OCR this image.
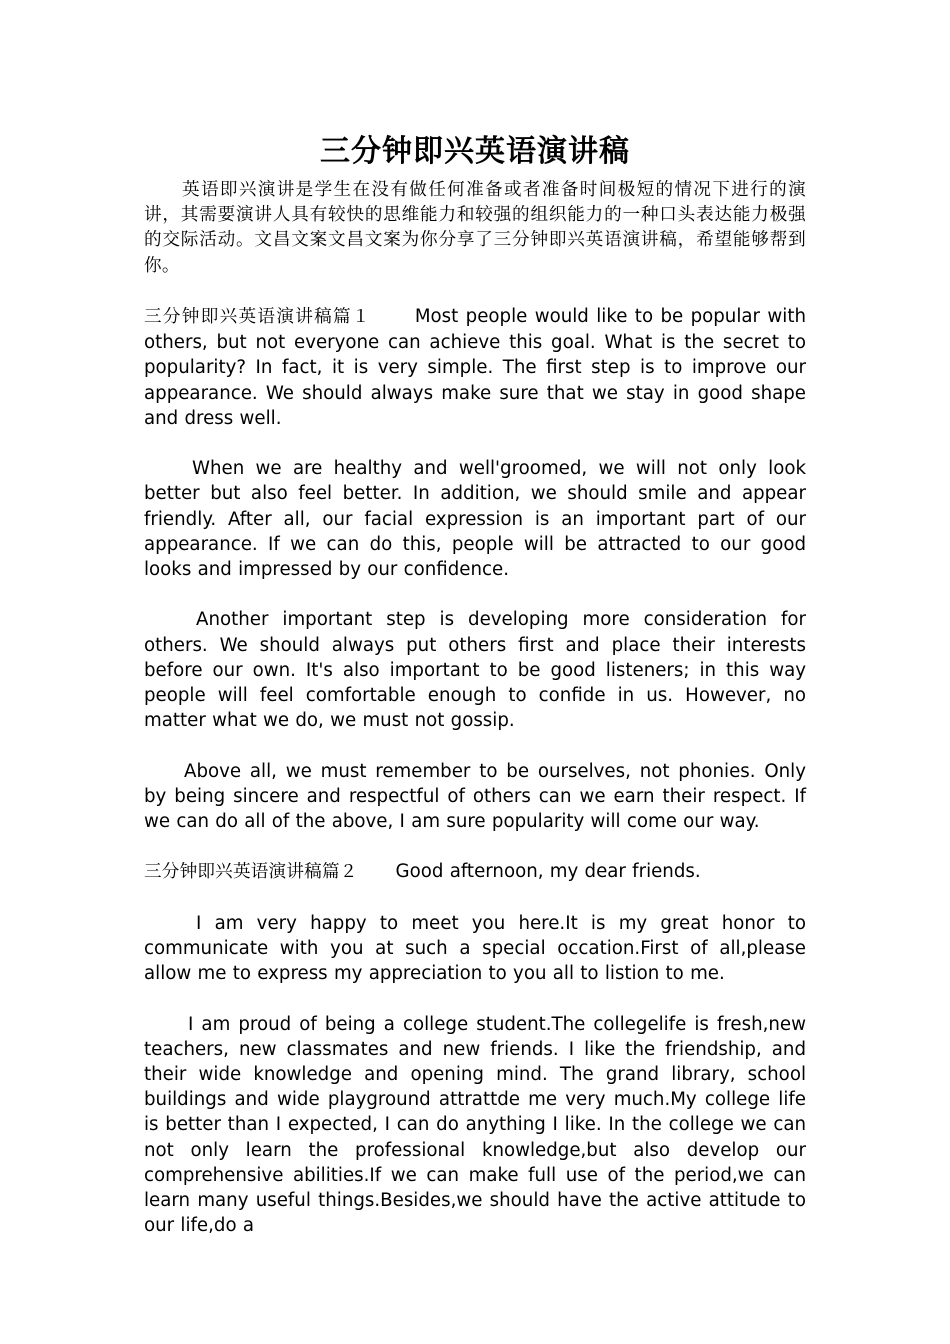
三分钟即兴英语演讲稿

英语即兴演讲是学生在没有做任何准备或者准备时间极短的情况下进行的演讲，其需要演讲人具有较快的思维能力和较强的组织能力的一种口头表达能力极强的交际活动。文昌文案文昌文案为你分享了三分钟即兴英语演讲稿，希望能够帮到你。

三分钟即兴英语演讲稿篇１ Most people would like to be popular with others, but not everyone can achieve this goal. What is the secret to popularity? In fact, it is very simple. The first step is to improve our appearance. We should always make sure that we stay in good shape and dress well.

When we are healthy and well'groomed, we will not only look better but also feel better. In addition, we should smile and appear friendly. After all, our facial expression is an important part of our appearance. If we can do this, people will be attracted to our good looks and impressed by our confidence.

Another important step is developing more consideration for others. We should always put others first and place their interests before our own. It's also important to be good listeners; in this way people will feel comfortable enough to confide in us. However, no matter what we do, we must not gossip.

Above all, we must remember to be ourselves, not phonies. Only by being sincere and respectful of others can we earn their respect. If we can do all of the above, I am sure popularity will come our way.

三分钟即兴英语演讲稿篇２ Good afternoon, my dear friends.

I am very happy to meet you here.It is my great honor to communicate with you at such a special occation.First of all,please allow me to express my appreciation to you all to listion to me.

I am proud of being a college student.The collegelife is fresh,new teachers, new classmates and new friends. I like the friendship, and their wide knowledge and opening mind. The grand library, school buildings and wide playground attrattde me very much.My college life is better than I expected, I can do anything I like. In the college we can not only learn the professional knowledge,but also develop our comprehensive abilities.If we can make full use of the period,we can learn many useful things.Besides,we should have the active attitude to our life,do a
